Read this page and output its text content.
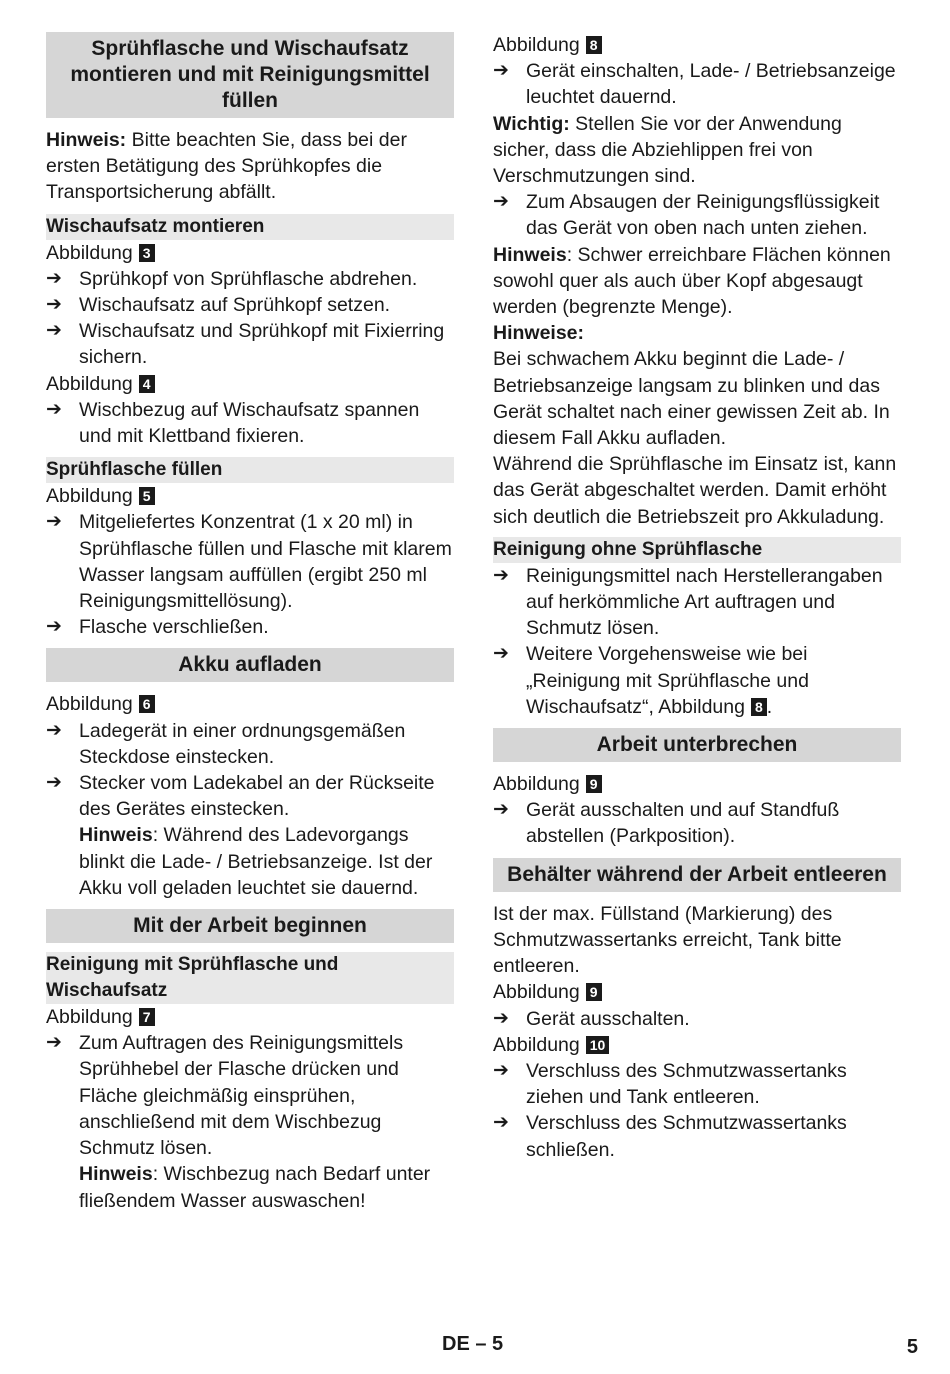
Sprühflasche und Wischaufsatz montieren und mit Reinigungsmittel füllen

Hinweis: Bitte beachten Sie, dass bei der ersten Betätigung des Sprühkopfes die Transportsicherung abfällt.

Wischaufsatz montieren

Abbildung 3

➔ Sprühkopf von Sprühflasche abdrehen.
➔ Wischaufsatz auf Sprühkopf setzen.
➔ Wischaufsatz und Sprühkopf mit Fixierring sichern.

Abbildung 4

➔ Wischbezug auf Wischaufsatz spannen und mit Klettband fixieren.
Sprühflasche füllen

Abbildung 5

➔ Mitgeliefertes Konzentrat (1 x 20 ml) in Sprühflasche füllen und Flasche mit klarem Wasser langsam auffüllen (ergibt 250 ml Reinigungsmittellösung).
➔ Flasche verschließen.
Akku aufladen

Abbildung 6

➔ Ladegerät in einer ordnungsgemäßen Steckdose einstecken.
➔ Stecker vom Ladekabel an der Rückseite des Gerätes einstecken.
Hinweis: Während des Ladevorgangs blinkt die Lade- / Betriebsanzeige. Ist der Akku voll geladen leuchtet sie dauernd.
Mit der Arbeit beginnen
Reinigung mit Sprühflasche und Wischaufsatz

Abbildung 7

➔ Zum Auftragen des Reinigungsmittels Sprühhebel der Flasche drücken und Fläche gleichmäßig einsprühen, anschließend mit dem Wischbezug Schmutz lösen.
Hinweis: Wischbezug nach Bedarf unter fließendem Wasser auswaschen!

Abbildung 8

➔ Gerät einschalten, Lade- / Betriebsanzeige leuchtet dauernd.

Wichtig: Stellen Sie vor der Anwendung sicher, dass die Abziehlippen frei von Verschmutzungen sind.

➔ Zum Absaugen der Reinigungsflüssigkeit das Gerät von oben nach unten ziehen.

Hinweis: Schwer erreichbare Flächen können sowohl quer als auch über Kopf abgesaugt werden (begrenzte Menge).

Hinweise:

Bei schwachem Akku beginnt die Lade- / Betriebsanzeige langsam zu blinken und das Gerät schaltet nach einer gewissen Zeit ab. In diesem Fall Akku aufladen.

Während die Sprühflasche im Einsatz ist, kann das Gerät abgeschaltet werden. Damit erhöht sich deutlich die Betriebszeit pro Akkuladung.

Reinigung ohne Sprühflasche
➔ Reinigungsmittel nach Herstellerangaben auf herkömmliche Art auftragen und Schmutz lösen.
➔ Weitere Vorgehensweise wie bei „Reinigung mit Sprühflasche und Wischaufsatz“, Abbildung 8 .
Arbeit unterbrechen

Abbildung 9

➔ Gerät ausschalten und auf Standfuß abstellen (Parkposition).
Behälter während der Arbeit entleeren

Ist der max. Füllstand (Markierung) des Schmutzwassertanks erreicht, Tank bitte entleeren.

Abbildung 9

➔ Gerät ausschalten.

Abbildung 10

➔ Verschluss des Schmutzwassertanks ziehen und Tank entleeren.
➔ Verschluss des Schmutzwassertanks schließen.
DE – 5	5
